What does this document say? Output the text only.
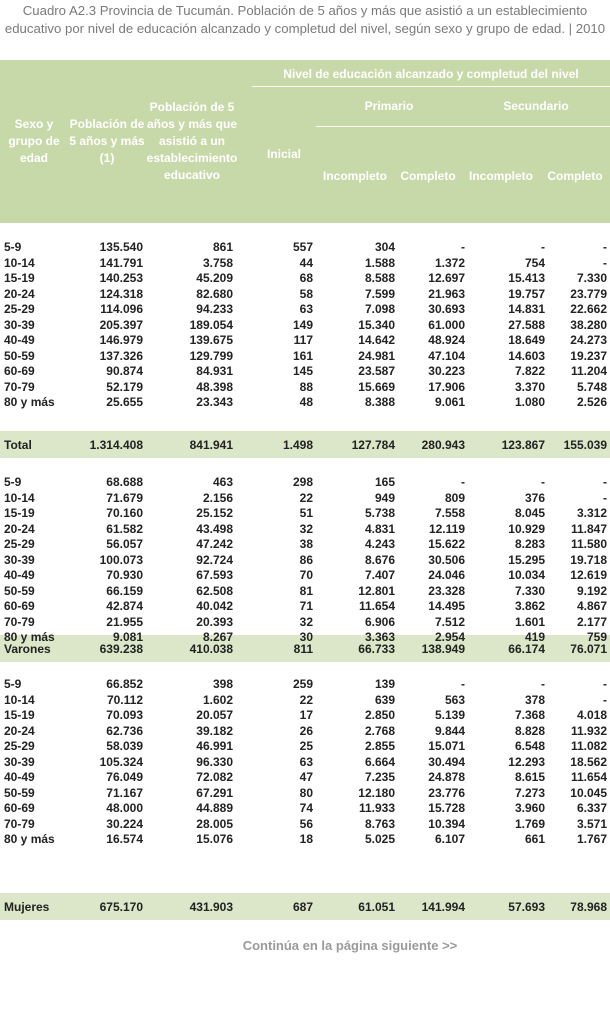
Cuadro A2.3 Provincia de Tucumán. Población de 5 años y más que asistió a un establecimiento educativo por nivel de educación alcanzado y completud del nivel, según sexo y grupo de edad. | 2010
Sexo y grupo de edad
Población de 5 años y más (1)
Población de 5 años y más que asistió a un establecimiento educativo
Nivel de educación alcanzado y completud del nivel
Inicial
Primario	Secundario
Incompleto	Completo	Incompleto	Completo
5-9	135.540	861	557	304	-	-	-
10-14	141.791	3.758	44	1.588	1.372	754	-
15-19	140.253	45.209	68	8.588	12.697	15.413	7.330
20-24	124.318	82.680	58	7.599	21.963	19.757	23.779
25-29	114.096	94.233	63	7.098	30.693	14.831	22.662
30-39	205.397	189.054	149	15.340	61.000	27.588	38.280
40-49	146.979	139.675	117	14.642	48.924	18.649	24.273
50-59	137.326	129.799	161	24.981	47.104	14.603	19.237
60-69	90.874	84.931	145	23.587	30.223	7.822	11.204
70-79	52.179	48.398	88	15.669	17.906	3.370	5.748
80 y más	25.655	23.343	48	8.388	9.061	1.080	2.526
Total	1.314.408	841.941	1.498	127.784	280.943	123.867	155.039
5-9	68.688	463	298	165	-	-	-
10-14	71.679	2.156	22	949	809	376	-
15-19	70.160	25.152	51	5.738	7.558	8.045	3.312
20-24	61.582	43.498	32	4.831	12.119	10.929	11.847
25-29	56.057	47.242	38	4.243	15.622	8.283	11.580
30-39	100.073	92.724	86	8.676	30.506	15.295	19.718
40-49	70.930	67.593	70	7.407	24.046	10.034	12.619
50-59	66.159	62.508	81	12.801	23.328	7.330	9.192
60-69	42.874	40.042	71	11.654	14.495	3.862	4.867
70-79	21.955	20.393	32	6.906	7.512	1.601	2.177
80 y más	9.081	8.267	30	3.363	2.954	419	759
Varones	639.238	410.038	811	66.733	138.949	66.174	76.071
5-9	66.852	398	259	139	-	-	-
10-14	70.112	1.602	22	639	563	378	-
15-19	70.093	20.057	17	2.850	5.139	7.368	4.018
20-24	62.736	39.182	26	2.768	9.844	8.828	11.932
25-29	58.039	46.991	25	2.855	15.071	6.548	11.082
30-39	105.324	96.330	63	6.664	30.494	12.293	18.562
40-49	76.049	72.082	47	7.235	24.878	8.615	11.654
50-59	71.167	67.291	80	12.180	23.776	7.273	10.045
60-69	48.000	44.889	74	11.933	15.728	3.960	6.337
70-79	30.224	28.005	56	8.763	10.394	1.769	3.571
80 y más	16.574	15.076	18	5.025	6.107	661	1.767
Mujeres	675.170	431.903	687	61.051	141.994	57.693	78.968
Continúa en la página siguiente >>
